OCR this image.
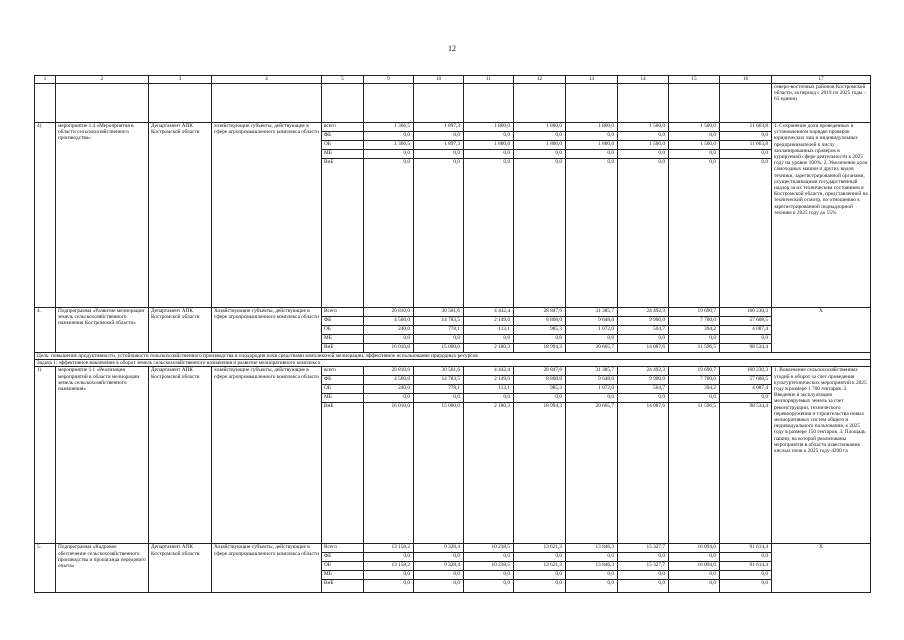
12
1	2	3	4	5	9	10	11	12	13	14	15	16	17
													северо-восточных районов Костромской области, за период с 2019 по 2025 годы – 63 единиц
4)	мероприятие 1.4 «Мероприятия в области сельскохозяйственного производства»	Департамент АПК Костромской области	хозяйствующие субъекты, действующие в сфере агропромышленного комплекса области	всего	1 366,5	1 897,3	1 800,0	1 800,0	1 800,0	1 500,0	1 500,0	11 663,8	1. Сохранение доли проведенных в установленном порядке проверок юридических лиц и индивидуальных предпринимателей к числу запланированных проверок в курируемой сфере деятельности к 2025 году на уровне 100%. 2. Увеличение доли самоходных машин и других видов техники, зарегистрированной органами, осуществляющими государственный надзор за их техническим состоянием в Костромской области, представленной на технический осмотр, по отношению к зарегистрированной поднадзорной технике к 2025 году до 55%
				ФБ	0,0	0,0	0,0	0,0	0,0	0,0	0,0	0,0	
				ОБ	1 366,5	1 897,3	1 800,0	1 800,0	1 800,0	1 500,0	1 500,0	11 663,8	
				МБ	0,0	0,0	0,0	0,0	0,0	0,0	0,0	0,0	
				ВнБ	0,0	0,0	0,0	0,0	0,0	0,0	0,0	0,0	
4.	Подпрограмма «Развитие мелиорации земель сельскохозяйственного назначения Костромской области»	Департамент АПК Костромской области	Хозяйствующие субъекты, действующие в сфере агропромышленного комплекса области	Всего	20 810,0	30 561,6	4 442,4	28 847,6	31 385,7	24 492,3	19 690,7	160 230,3	X
				ФБ	4 560,0	14 783,5	2 149,0	8 868,0	9 648,0	9 900,0	7 700,0	57 608,5	
				ОБ	240,0	778,1	113,1	985,3	1 072,0	504,7	394,2	4 087,4	
				МБ	0,0	0,0	0,0	0,0	0,0	0,0	0,0	0,0	
				ВнБ	16 010,0	15 000,0	2 180,3	18 994,3	20 665,7	14 087,6	11 596,5	98 534,4	
Цель: повышение продуктивности, устойчивости сельскохозяйственного производства и плодородия почв средствами комплексной мелиорации, эффективное использование природных ресурсов													
Задача 1: эффективное вовлечение в оборот земель сельскохозяйственного назначения и развитие мелиоративного комплекса													
1)	мероприятие 1.1 «Реализация мероприятий в области мелиорации земель сельскохозяйственного назначения»	Департамент АПК Костромской области	хозяйствующие субъекты, действующие в сфере агропромышленного комплекса области	всего	20 810,0	30 561,6	4 442,4	28 847,6	31 385,7	24 492,3	19 690,7	160 230,3	1. Вовлечение сельскохозяйственных угодий в оборот за счет проведения культуртехнических мероприятий к 2025 году в размере 1 700 гектаров. 2. Введение в эксплуатацию мелиорируемых земель за счет реконструкции, технического перевооружения и строительства новых мелиоративных систем общего и индивидуального пользования, к 2025 году в размере 150 гектаров. 3. Площадь пашни, на которой реализованы мероприятия в области известкования кислых почв к 2025 году-4200 га
				ФБ	4 560,0	14 783,5	2 149,0	8 868,0	9 648,0	9 900,0	7 700,0	57 608,5	
				ОБ	240,0	778,1	113,1	985,3	1 072,0	504,7	394,2	4 087,4	
				МБ	0,0	0,0	0,0	0,0	0,0	0,0	0,0	0,0	
				ВнБ	16 010,0	15 000,0	2 180,3	18 994,3	20 665,7	14 087,6	11 596,5	98 534,4	
5.	Подпрограмма «Кадровое обеспечение сельскохозяйственного производства и пропаганда передового опыта»	Департамент АПК Костромской области	Хозяйствующие субъекты, действующие в сфере агропромышленного комплекса области	Всего	13 158,2	9 328,4	10 238,5	13 621,3	13 846,3	15 327,7	16 094,0	91 614,4	X
				ФБ	0,0	0,0	0,0	0,0	0,0	0,0	0,0	0,0	
				ОБ	13 158,2	9 328,4	10 238,5	13 621,3	13 846,3	15 327,7	16 094,0	91 614,4	
				МБ	0,0	0,0	0,0	0,0	0,0	0,0	0,0	0,0	
				ВнБ	0,0	0,0	0,0	0,0	0,0	0,0	0,0	0,0	
